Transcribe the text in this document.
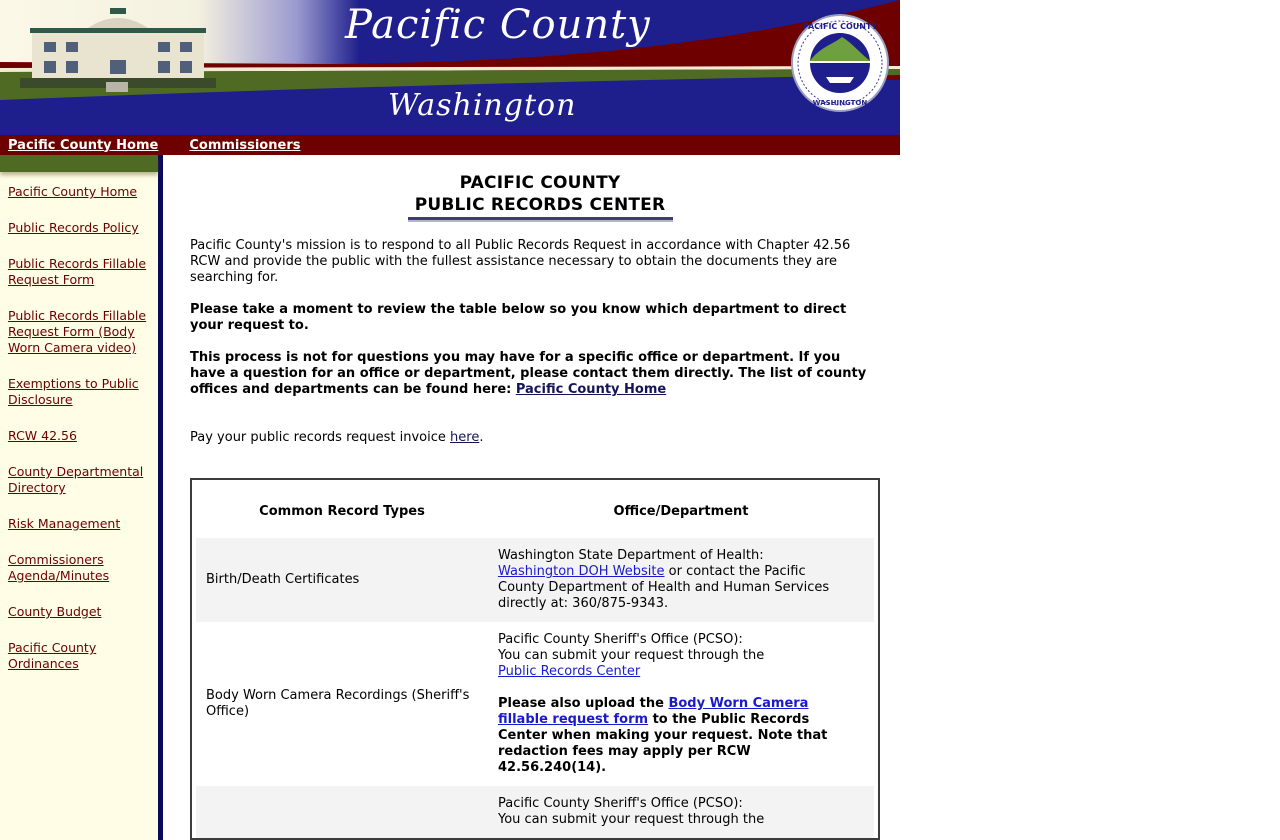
PACIFIC COUNTY
WASHINGTON
Pacific County
Washington
Pacific County Home Commissioners
Pacific County Home
Public Records Policy
Public Records Fillable Request Form
Public Records Fillable Request Form (Body Worn Camera video)
Exemptions to Public Disclosure
RCW 42.56
County Departmental Directory
Risk Management
Commissioners Agenda/Minutes
County Budget
Pacific County Ordinances
PACIFIC COUNTY
PUBLIC RECORDS CENTER

Pacific County's mission is to respond to all Public Records Request in accordance with Chapter 42.56 RCW and provide the public with the fullest assistance necessary to obtain the documents they are searching for.

Please take a moment to review the table below so you know which department to direct your request to.

This process is not for questions you may have for a specific office or department. If you have a question for an office or department, please contact them directly. The list of county offices and departments can be found here: Pacific County Home

Pay your public records request invoice here.

Common Record Types	Office/Department
Birth/Death Certificates	Washington State Department of Health:
Washington DOH Website or contact the Pacific County Department of Health and Human Services directly at: 360/875-9343.
Body Worn Camera Recordings (Sheriff's Office)	Pacific County Sheriff's Office (PCSO):
You can submit your request through the
Public Records Center

Please also upload the Body Worn Camera fillable request form to the Public Records Center when making your request. Note that redaction fees may apply per RCW 42.56.240(14).
	Pacific County Sheriff's Office (PCSO):
You can submit your request through the
